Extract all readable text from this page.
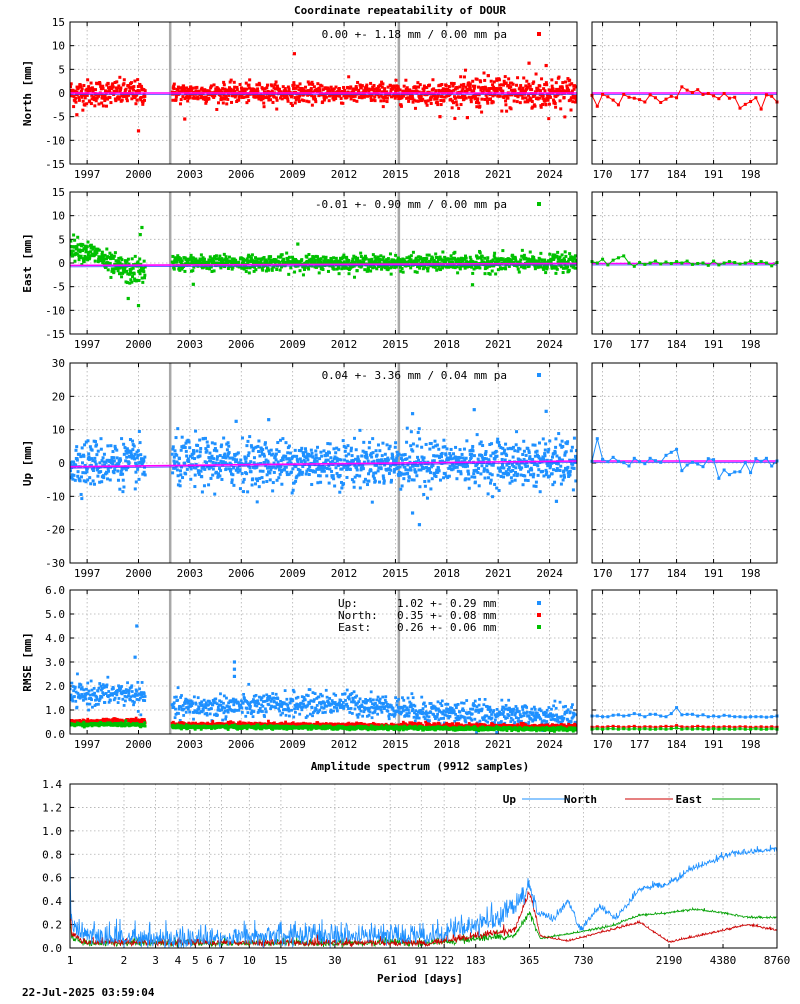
Coordinate repeatability of DOUR
Amplitude spectrum (9912 samples)
Period [days]
22-Jul-2025 03:59:04
-15
-10
-5
0
5
10
15
1997 2000 2003 2006 2009 2012 2015 2018 2021 2024
North [mm]
0.00 +- 1.18 mm / 0.00 mm pa
170 177 184 191 198
-15
-10
-5
0
5
10
15
1997 2000 2003 2006 2009 2012 2015 2018 2021 2024
East [mm]
-0.01 +- 0.90 mm / 0.00 mm pa
170 177 184 191 198
-30
-20
-10
0
10
20
30
1997 2000 2003 2006 2009 2012 2015 2018 2021 2024
Up [mm]
0.04 +- 3.36 mm / 0.04 mm pa
170 177 184 191 198
0.0
1.0
2.0
3.0
4.0
5.0
6.0
1997 2000 2003 2006 2009 2012 2015 2018 2021 2024
RMSE [mm]
Up:	1.02 +- 0.29 mm
North: 0.35 +- 0.08 mm
East: 0.26 +- 0.06 mm
170 177 184 191 198
0.0
0.2
0.4
0.6
0.8
1.0
1.2
1.4
1	2 3 4 5 6 7 10 15	30	61 91 122 183	365	730	2190 4380 8760
Up	North	East
